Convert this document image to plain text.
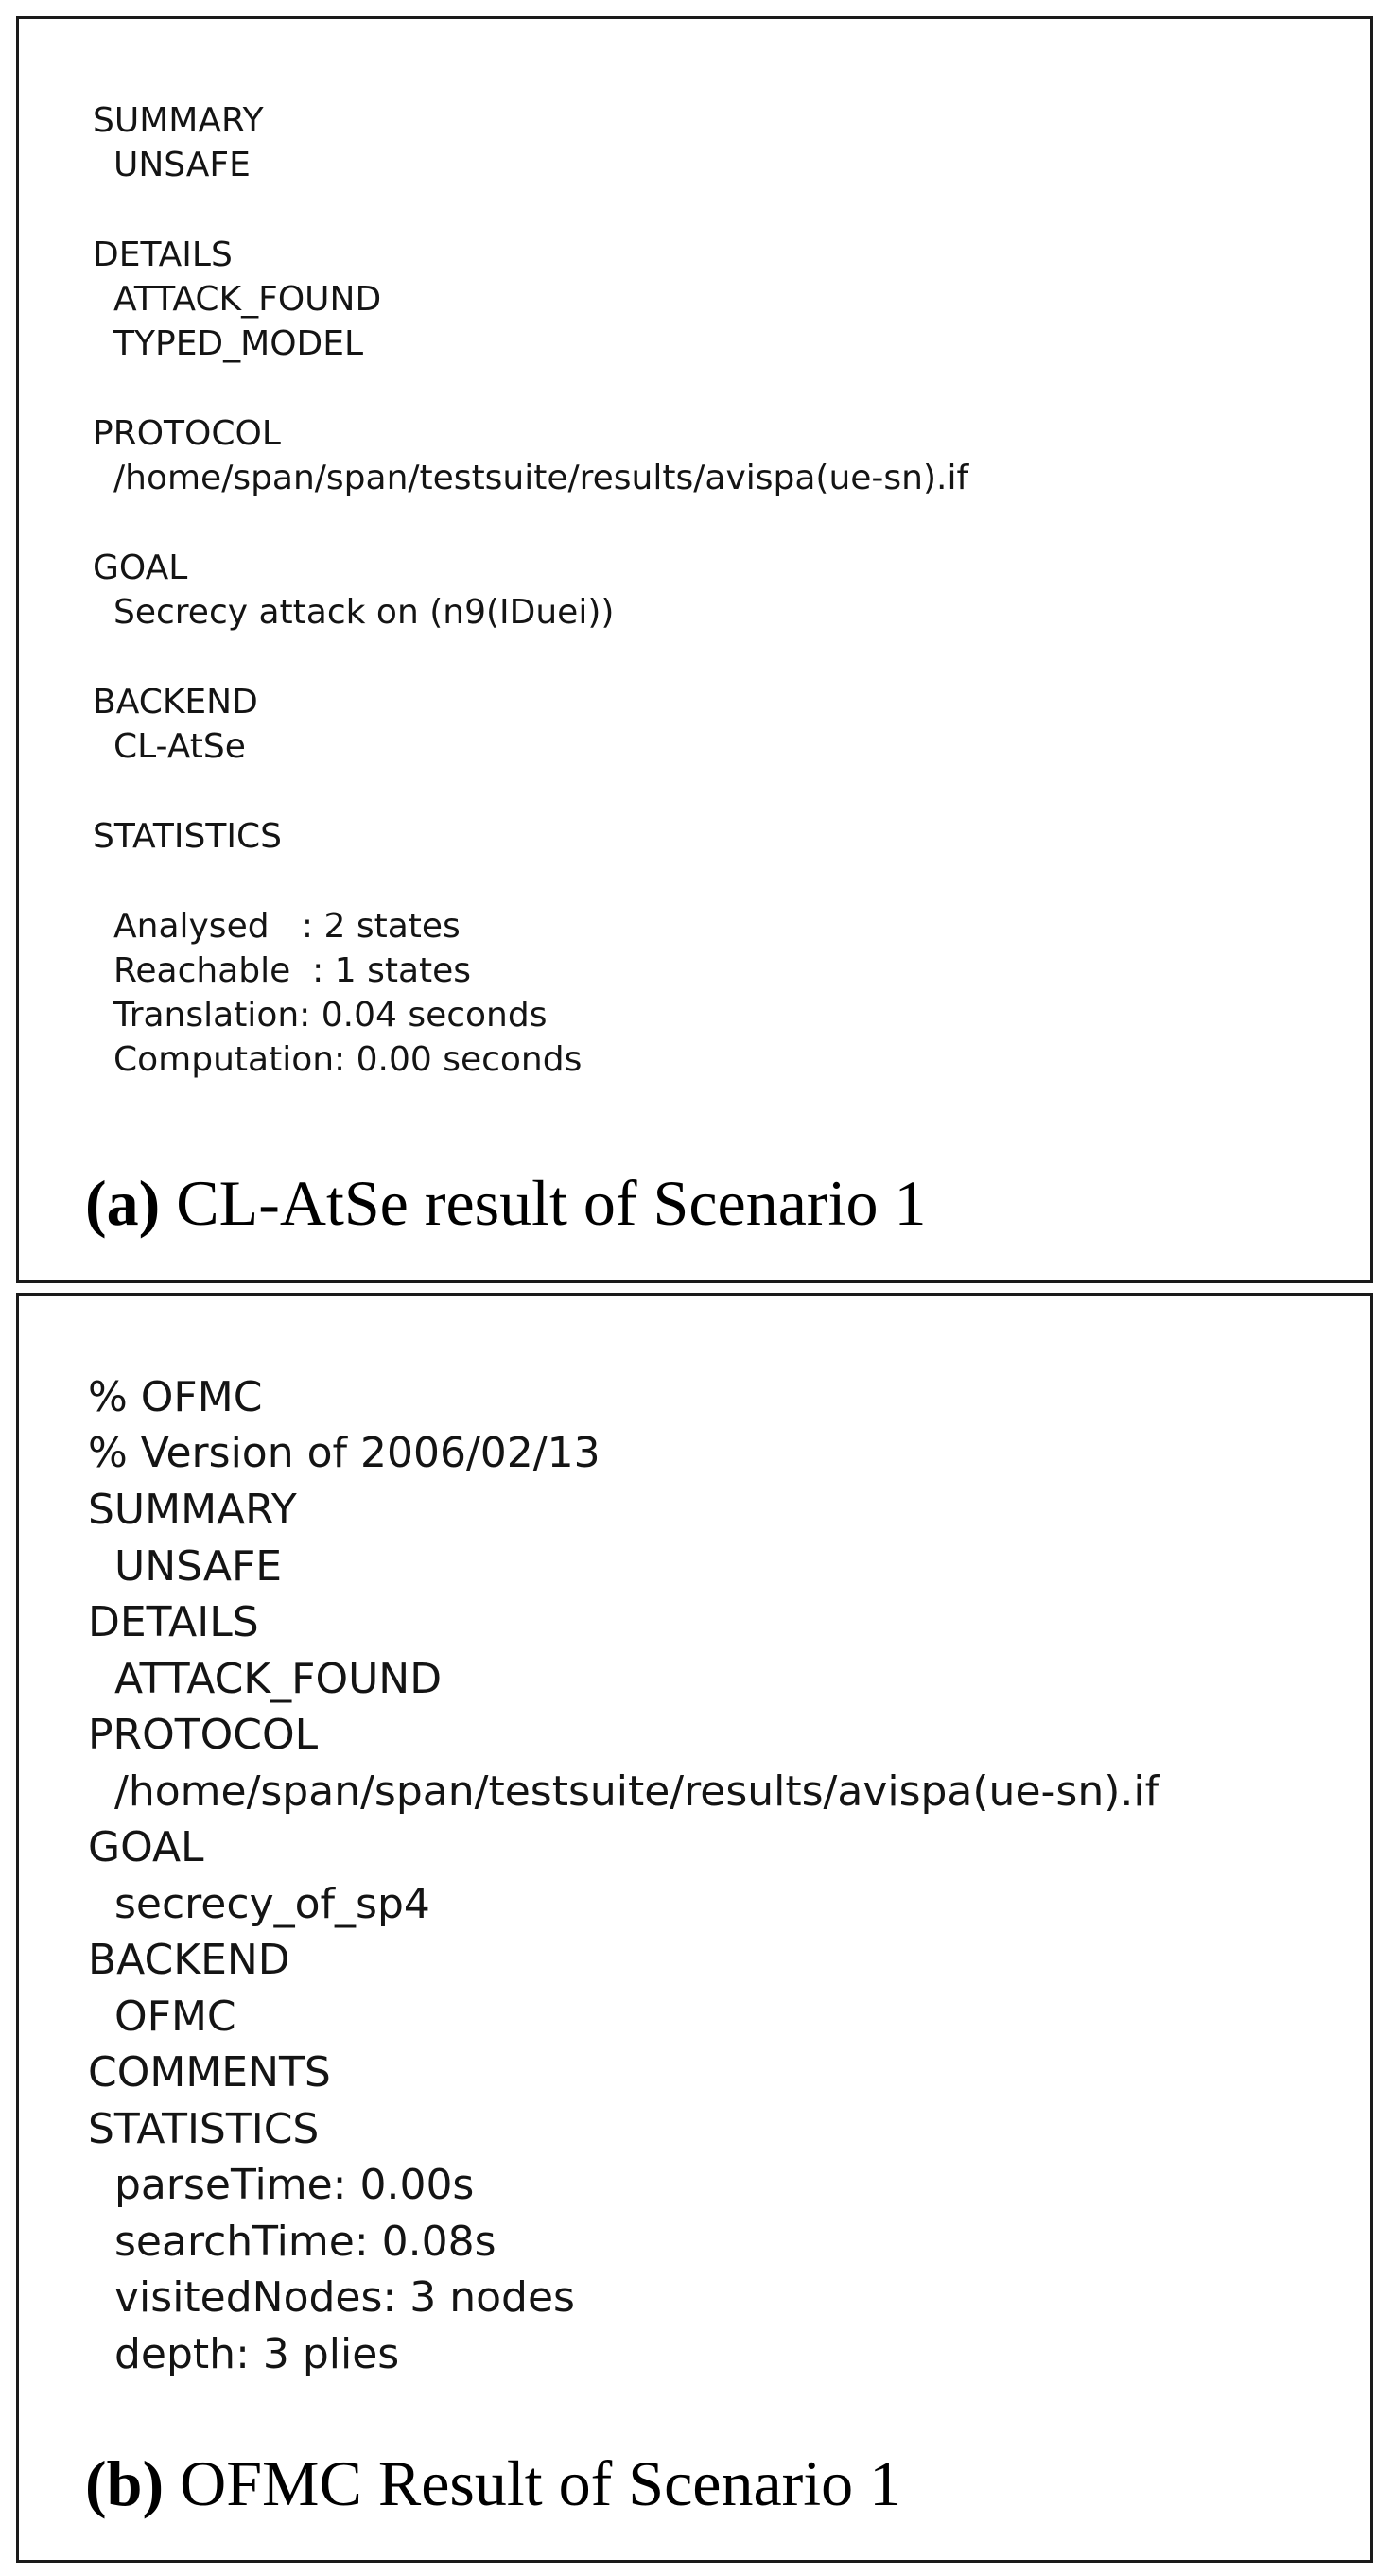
SUMMARY

UNSAFE

DETAILS

ATTACK_FOUND

TYPED_MODEL

PROTOCOL

/home/span/span/testsuite/results/avispa(ue-sn).if

GOAL

Secrecy attack on (n9(IDuei))

BACKEND

CL-AtSe

STATISTICS

Analysed   : 2 states

Reachable  : 1 states

Translation: 0.04 seconds

Computation: 0.00 seconds

(a) CL-AtSe result of Scenario 1

% OFMC

% Version of 2006/02/13

SUMMARY

UNSAFE

DETAILS

ATTACK_FOUND

PROTOCOL

/home/span/span/testsuite/results/avispa(ue-sn).if

GOAL

secrecy_of_sp4

BACKEND

OFMC

COMMENTS

STATISTICS

parseTime: 0.00s

searchTime: 0.08s

visitedNodes: 3 nodes

depth: 3 plies

(b) OFMC Result of Scenario 1
